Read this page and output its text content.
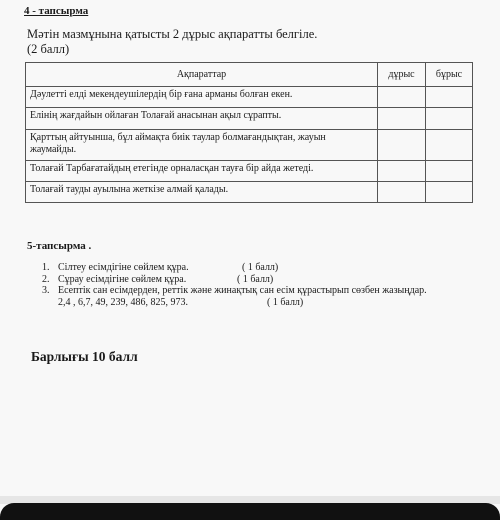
4 - тапсырма
Мәтін мазмұнына қатысты 2 дұрыс ақпаратты белгіле.
(2 балл)
Ақпараттар	дұрыс	бұрыс
Дәулетті елді мекендеушілердің бір ғана арманы болған екен.		
Елінің жағдайын ойлаған Толағай анасынан ақыл сұрапты.		
Қарттың айтуынша, бұл аймақта биік таулар болмағандықтан, жауын жаумайды.		
Толағай Тарбағатайдың етегінде орналасқан тауға бір айда жетеді.		
Толағай тауды ауылына жеткізе алмай қалады.		
5-тапсырма .
1. Сілтеу есімдігіне сөйлем құра.	( 1 балл)
2. Сұрау есімдігіне сөйлем құра.	( 1 балл)
3. Есептік сан есімдерден, реттік және жинақтық сан есім құрастырып сөзбен жазыңдар.
2,4 , 6,7, 49, 239, 486, 825, 973.	( 1 балл)
Барлығы 10 балл
